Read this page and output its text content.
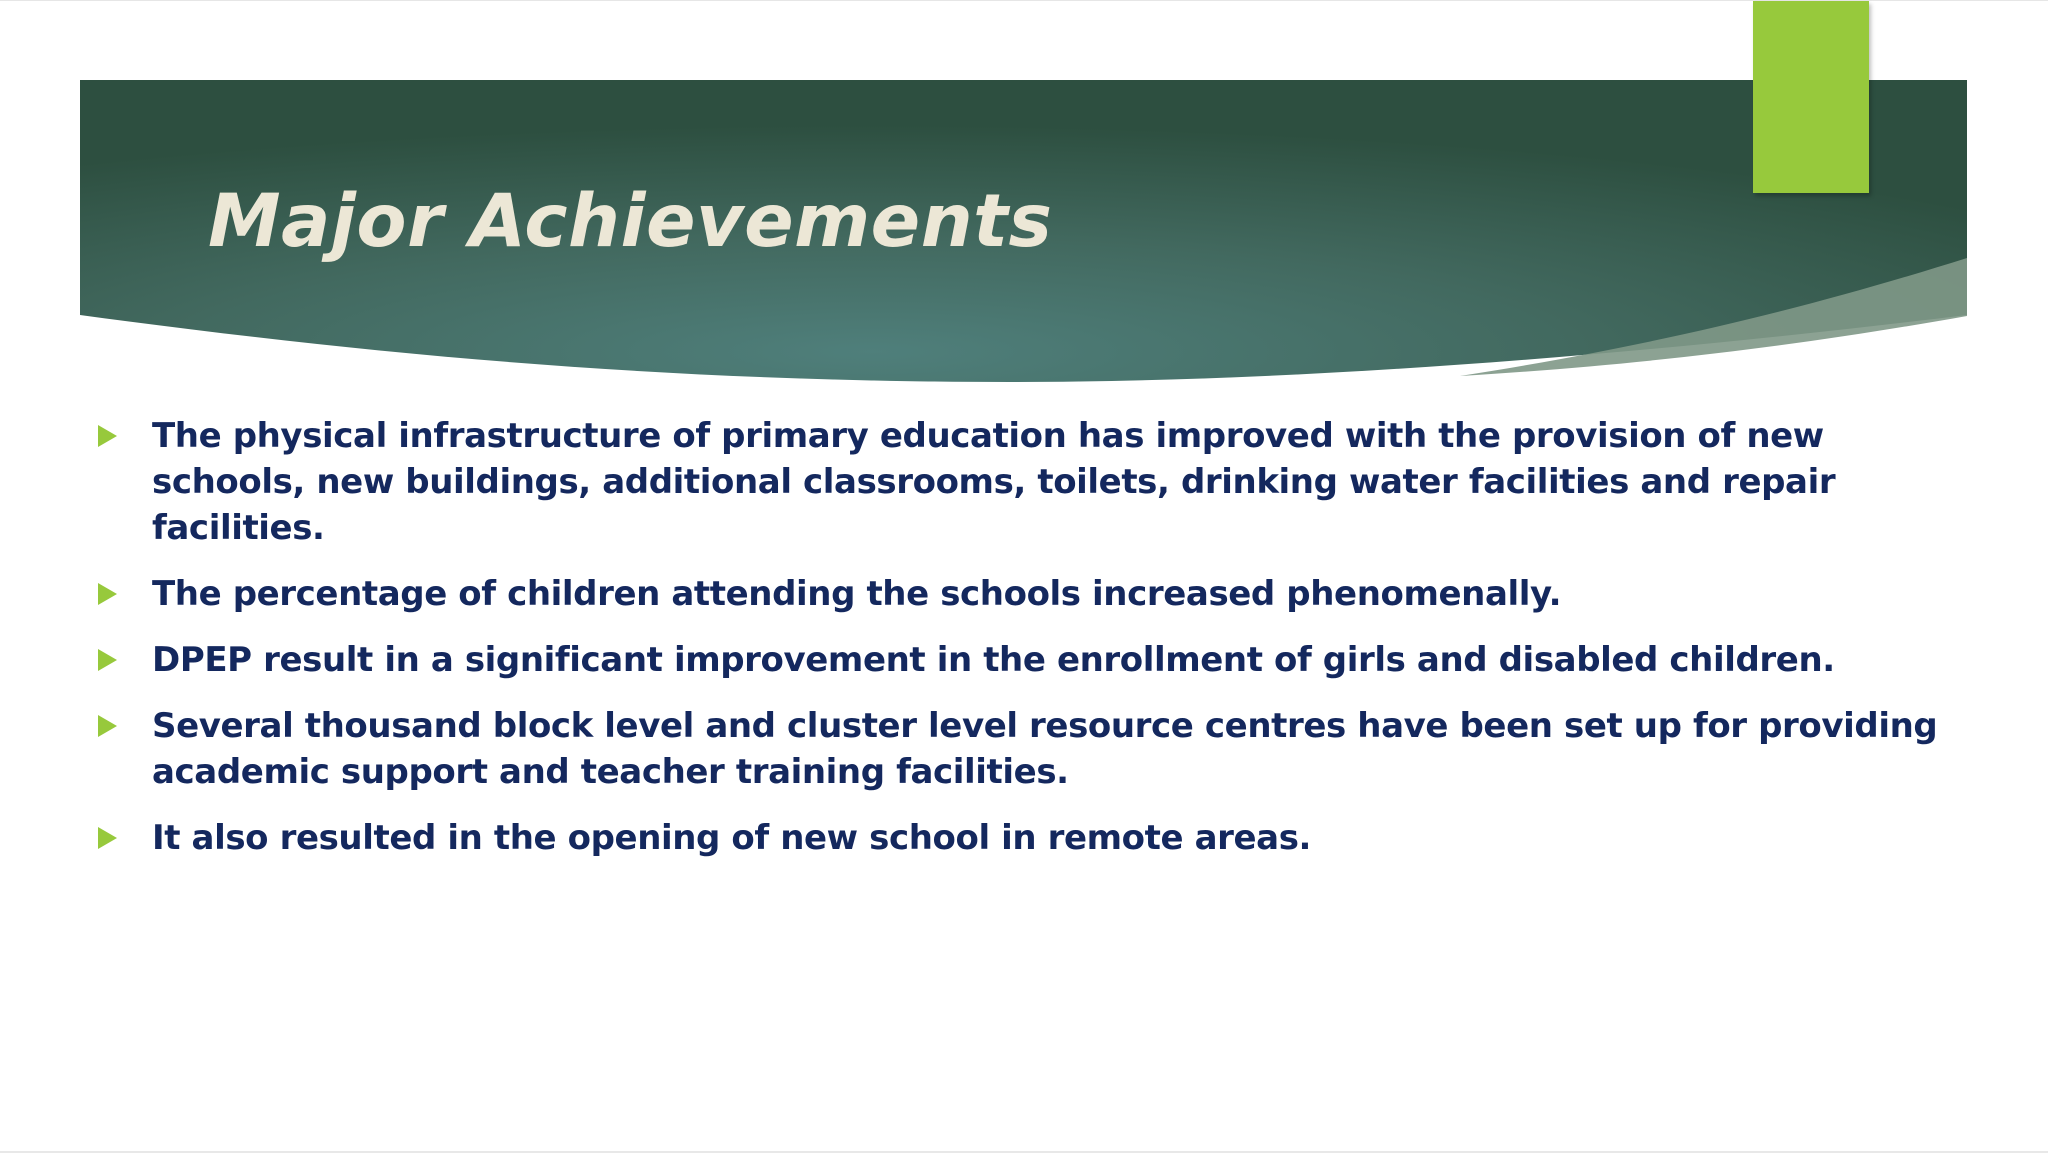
Major Achievements
The physical infrastructure of primary education has improved with the provision of new schools, new buildings, additional classrooms, toilets, drinking water facilities and repair facilities.
The percentage of children attending the schools increased phenomenally.
DPEP result in a significant improvement in the enrollment of girls and disabled children.
Several thousand block level and cluster level resource centres have been set up for providing academic support and teacher training facilities.
It also resulted in the opening of new school in remote areas.
